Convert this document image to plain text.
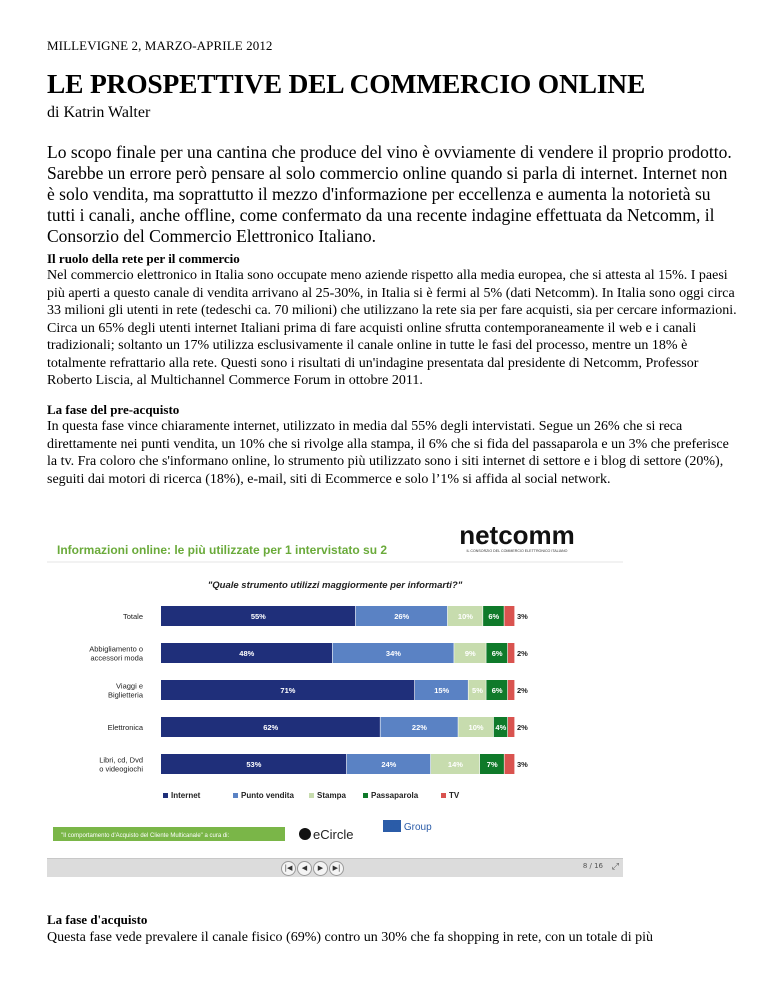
MILLEVIGNE 2, MARZO-APRILE 2012
LE PROSPETTIVE DEL COMMERCIO ONLINE
di Katrin Walter
Lo scopo finale per una cantina che produce del vino è ovviamente di vendere il proprio prodotto. Sarebbe un errore però pensare al solo commercio online quando si parla di internet. Internet non è solo vendita, ma soprattutto il mezzo d'informazione per eccellenza e aumenta la notorietà su tutti i canali, anche offline, come confermato da una recente indagine effettuata da Netcomm, il Consorzio del Commercio Elettronico Italiano.
Il ruolo della rete per il commercio
Nel commercio elettronico in Italia sono occupate meno aziende rispetto alla media europea, che si attesta al 15%. I paesi più aperti a questo canale di vendita arrivano al 25-30%, in Italia si è fermi al 5% (dati Netcomm). In Italia sono oggi circa 33 milioni gli utenti in rete (tedeschi ca. 70 milioni) che utilizzano la rete sia per fare acquisti, sia per cercare informazioni. Circa un 65% degli utenti internet Italiani prima di fare acquisti online sfrutta contemporaneamente il web e i canali tradizionali; soltanto un 17% utilizza esclusivamente il canale online in tutte le fasi del processo, mentre un 18% è totalmente refrattario alla rete. Questi sono i risultati di un'indagine presentata dal presidente di Netcomm, Professor Roberto Liscia, al Multichannel Commerce Forum in ottobre 2011.
La fase del pre-acquisto
In questa fase vince chiaramente internet, utilizzato in media dal 55% degli intervistati. Segue un 26% che si reca direttamente nei punti vendita, un 10% che si rivolge alla stampa, il 6% che si fida del passaparola e un 3% che preferisce la tv. Fra coloro che s'informano online, lo strumento più utilizzato sono i siti internet di settore e i blog di settore (20%), seguiti dai motori di ricerca (18%), e-mail, siti di Ecommerce e solo l’1% si affida al social network.
La fase d'acquisto
Questa fase vede prevalere il canale fisico (69%) contro un 30% che fa shopping in rete, con un totale di più
netcomm
IL CONSORZIO DEL COMMERCIO ELETTRONICO ITALIANO
Informazioni online: le più utilizzate per 1 intervistato su 2
"Quale strumento utilizzi maggiormente per informarti?"
Totale	55%	26%	10% 6% 3%
Abbigliamento o accessori moda	48%	34%	9% 6% 2%
Viaggi e Biglietteria	71%	15%	5% 6% 2%
Elettronica	62%	22%	10% 4% 2%
Libri, cd, Dvd o videogiochi	53%	24%	14%	7%	3%
Internet	Punto vendita	Stampa	Passaparola	TV
"Il comportamento d'Acquisto del Cliente Multicanale" a cura di:	eCircle	CFI Group
|◀	◀	▶	▶|	8 / 16 ⤢
